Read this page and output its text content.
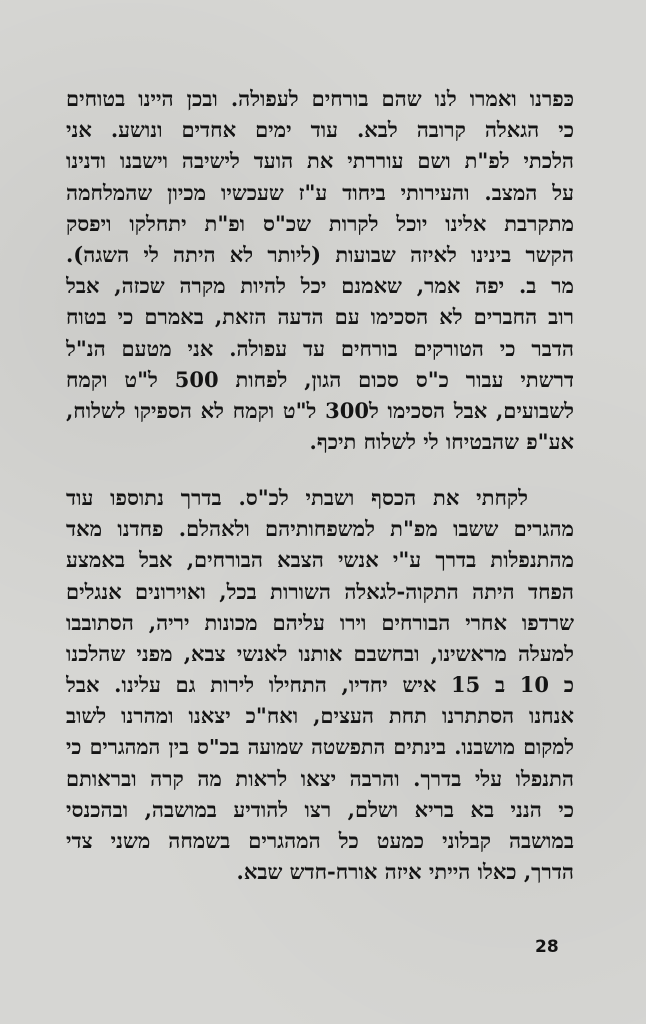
כּפרנו ואמרו לנו שהם בורחים לעפולה. ובכן היינו בטוחים
כי הגאלה קרובה לבא. עוד ימים אחדים ונושע. אני
הלכתי לפ"ת ושם עוררתי את הועד לישיבה וישבנו ודנינו
על המצב. והעירותי ביחוד ע"ז שעכשיו מכיון שהמלחמה
מתקרבת אלינו יוכל לקרות שכ"ס ופ"ת יתחלקו ויפסק
הקשר בינינו לאיזה שבועות (ליותר לא היתה לי השגה).
מר ב. יפה אמר, שאמנם יכל להיות מקרה שכזה, אבל
רוב החברים לא הסכימו עם הדעה הזאת, באמרם כי בטוח
הדבר כי הטורקים בורחים עד עפולה. אני מטעם הנ"ל
דרשתי עבור כ"ס סכום הגון, לפחות 500 ל"ט וקמח
לשבועים, אבל הסכימו ל300 ל"ט וקמח לא הספיקו לשלוח,
אע"פ שהבטיחו לי לשלוח תיכף.
לקחתי את הכסף ושבתי לכ"ס. בדרך נתוספו עוד
מהגרים ששבו מפ"ת למשפחותיהם ולאהלם. פחדנו מאד
מהתנפלות בדרך ע"י אנשי הצבא הבורחים, אבל באמצע
הפחד היתה התקוה-לגאלה השורות בכל, ואוירונים אנגלים
שרדפו אחרי הבורחים וירו עליהם מכונות יריה, הסתובבו
למעלה מראשינו, ובחשבם אותנו לאנשי צבא, מפני שהלכנו
כ 10 ב 15 איש יחדיו, התחילו לירות גם עלינו. אבל
אנחנו הסתתרנו תחת העצים, ואח"כ יצאנו ומהרנו לשוב
למקום מושבנו. בינתים התפשטה שמועה בכ"ס בין המהגרים כי
התנפלו עלי בדרך. והרבה יצאו לראות מה קרה ובראותם
כי הנני בא בריא ושלם, רצו להודיע במושבה, ובהכנסי
במושבה קבלוני כמעט כל המהגרים בשמחה משני צדי
הדרך, כאלו הייתי איזה אורח-חדש שבא.
28
